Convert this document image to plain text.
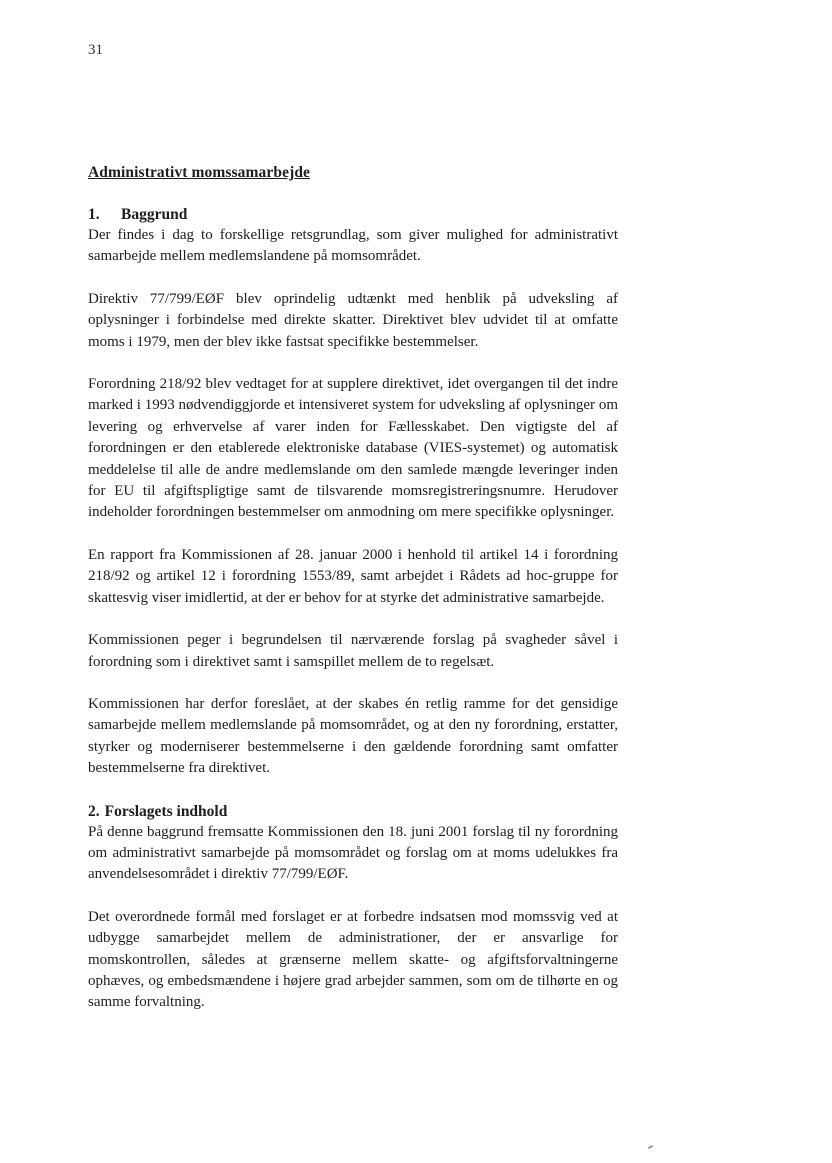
31
Administrativt momssamarbejde
1. Baggrund

Der findes i dag to forskellige retsgrundlag, som giver mulighed for administrativt samarbejde mellem medlemslandene på momsområdet.

Direktiv 77/799/EØF blev oprindelig udtænkt med henblik på udveksling af oplysninger i forbindelse med direkte skatter. Direktivet blev udvidet til at omfatte moms i 1979, men der blev ikke fastsat specifikke bestemmelser.

Forordning 218/92 blev vedtaget for at supplere direktivet, idet overgangen til det indre marked i 1993 nødvendiggjorde et intensiveret system for udveksling af oplysninger om levering og erhvervelse af varer inden for Fællesskabet. Den vigtigste del af forordningen er den etablerede elektroniske database (VIES-systemet) og automatisk meddelelse til alle de andre medlemslande om den samlede mængde leveringer inden for EU til afgiftspligtige samt de tilsvarende momsregistreringsnumre. Herudover indeholder forordningen bestemmelser om anmodning om mere specifikke oplysninger.

En rapport fra Kommissionen af 28. januar 2000 i henhold til artikel 14 i forordning 218/92 og artikel 12 i forordning 1553/89, samt arbejdet i Rådets ad hoc-gruppe for skattesvig viser imidlertid, at der er behov for at styrke det administrative samarbejde.

Kommissionen peger i begrundelsen til nærværende forslag på svagheder såvel i forordning som i direktivet samt i samspillet mellem de to regelsæt.

Kommissionen har derfor foreslået, at der skabes én retlig ramme for det gensidige samarbejde mellem medlemslande på momsområdet, og at den ny forordning, erstatter, styrker og moderniserer bestemmelserne i den gældende forordning samt omfatter bestemmelserne fra direktivet.

2. Forslagets indhold

På denne baggrund fremsatte Kommissionen den 18. juni 2001 forslag til ny forordning om administrativt samarbejde på momsområdet og forslag om at moms udelukkes fra anvendelsesområdet i direktiv 77/799/EØF.

Det overordnede formål med forslaget er at forbedre indsatsen mod momssvig ved at udbygge samarbejdet mellem de administrationer, der er ansvarlige for momskontrollen, således at grænserne mellem skatte- og afgiftsforvaltningerne ophæves, og embedsmændene i højere grad arbejder sammen, som om de tilhørte en og samme forvaltning.
